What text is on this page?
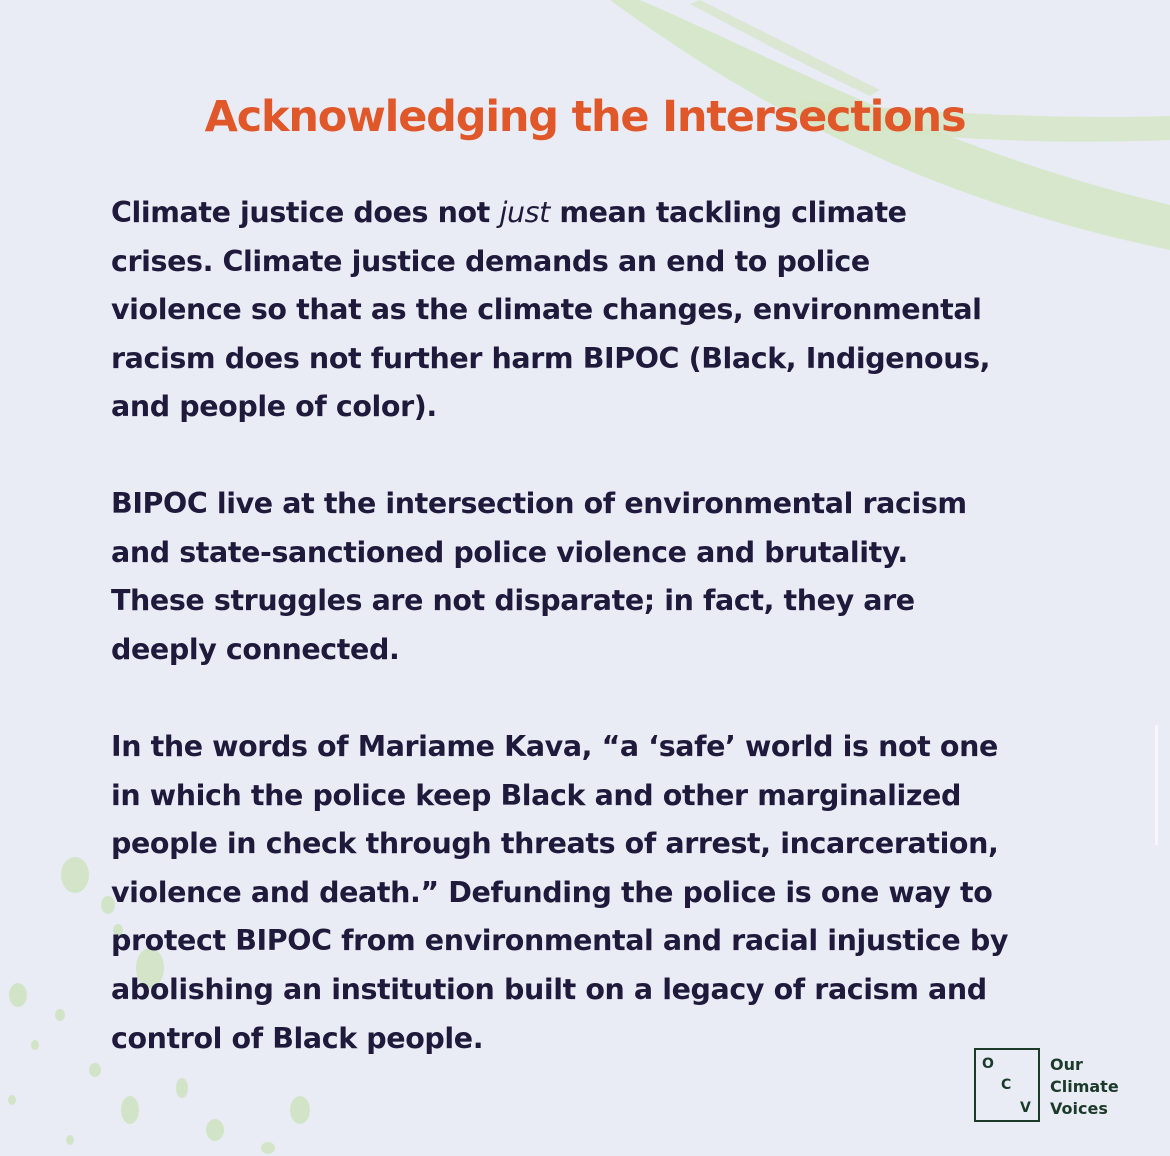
Acknowledging the Intersections
Climate justice does not just mean tackling climate
crises. Climate justice demands an end to police
violence so that as the climate changes, environmental
racism does not further harm BIPOC (Black, Indigenous,
and people of color).
BIPOC live at the intersection of environmental racism
and state-sanctioned police violence and brutality.
These struggles are not disparate; in fact, they are
deeply connected.
In the words of Mariame Kava, “a ‘safe’ world is not one
in which the police keep Black and other marginalized
people in check through threats of arrest, incarceration,
violence and death.” Defunding the police is one way to
protect BIPOC from environmental and racial injustice by
abolishing an institution built on a legacy of racism and
control of Black people.
O
C
V
Our
Climate
Voices
